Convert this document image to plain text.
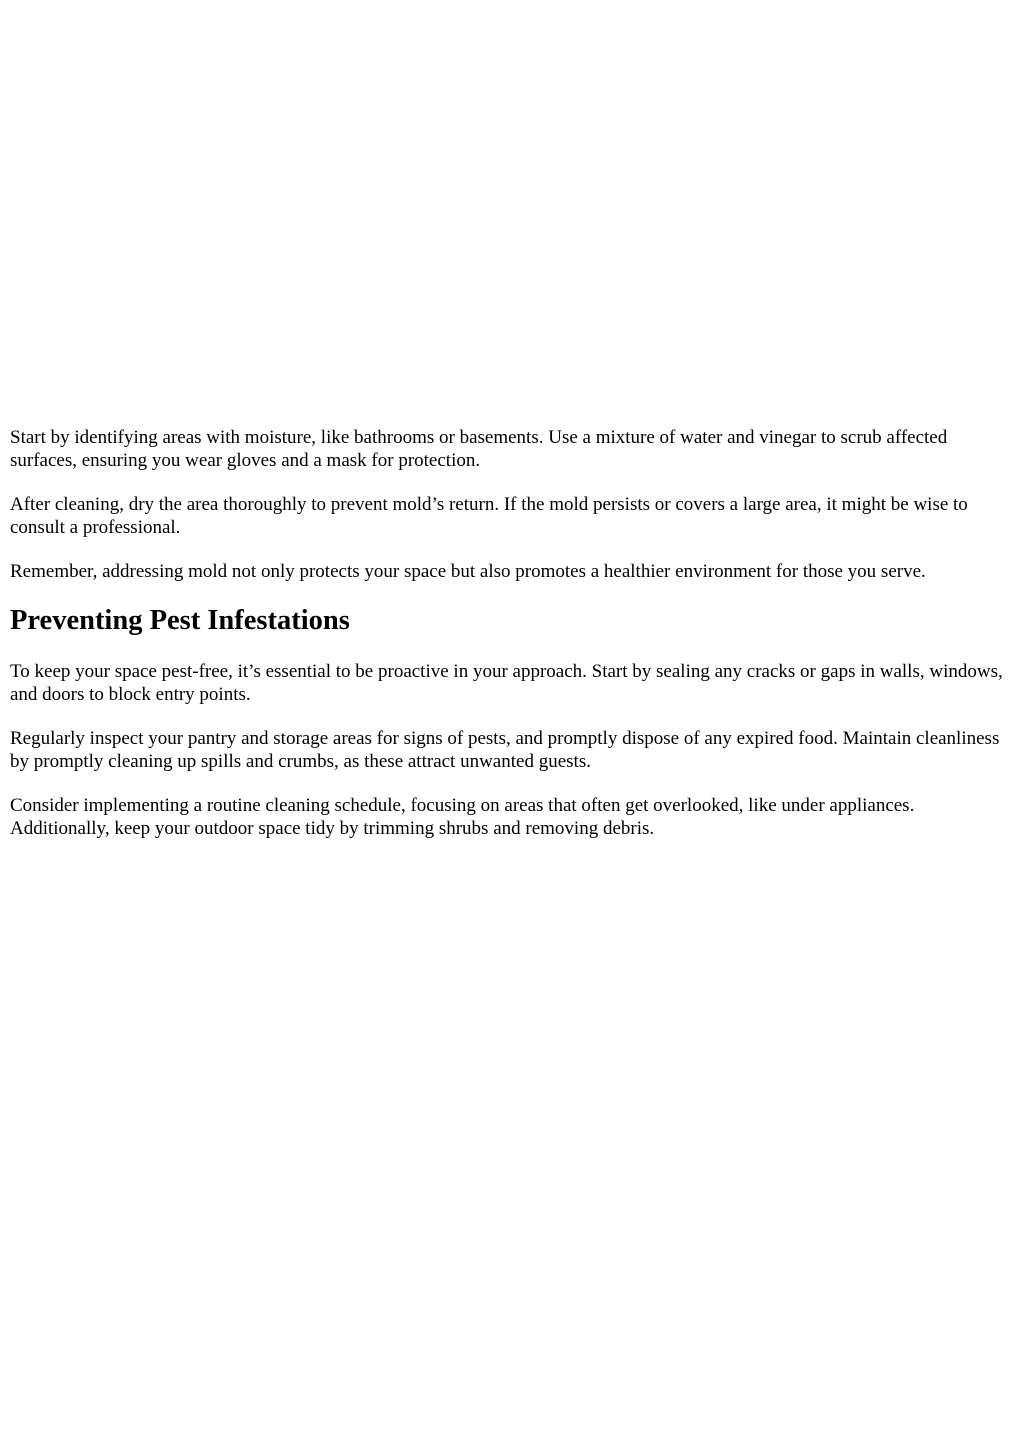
Start by identifying areas with moisture, like bathrooms or basements. Use a mixture of water and vinegar to scrub affected surfaces, ensuring you wear gloves and a mask for protection.

After cleaning, dry the area thoroughly to prevent mold’s return. If the mold persists or covers a large area, it might be wise to consult a professional.

Remember, addressing mold not only protects your space but also promotes a healthier environment for those you serve.

Preventing Pest Infestations

To keep your space pest-free, it’s essential to be proactive in your approach. Start by sealing any cracks or gaps in walls, windows, and doors to block entry points.

Regularly inspect your pantry and storage areas for signs of pests, and promptly dispose of any expired food. Maintain cleanliness by promptly cleaning up spills and crumbs, as these attract unwanted guests.

Consider implementing a routine cleaning schedule, focusing on areas that often get overlooked, like under appliances. Additionally, keep your outdoor space tidy by trimming shrubs and removing debris.
